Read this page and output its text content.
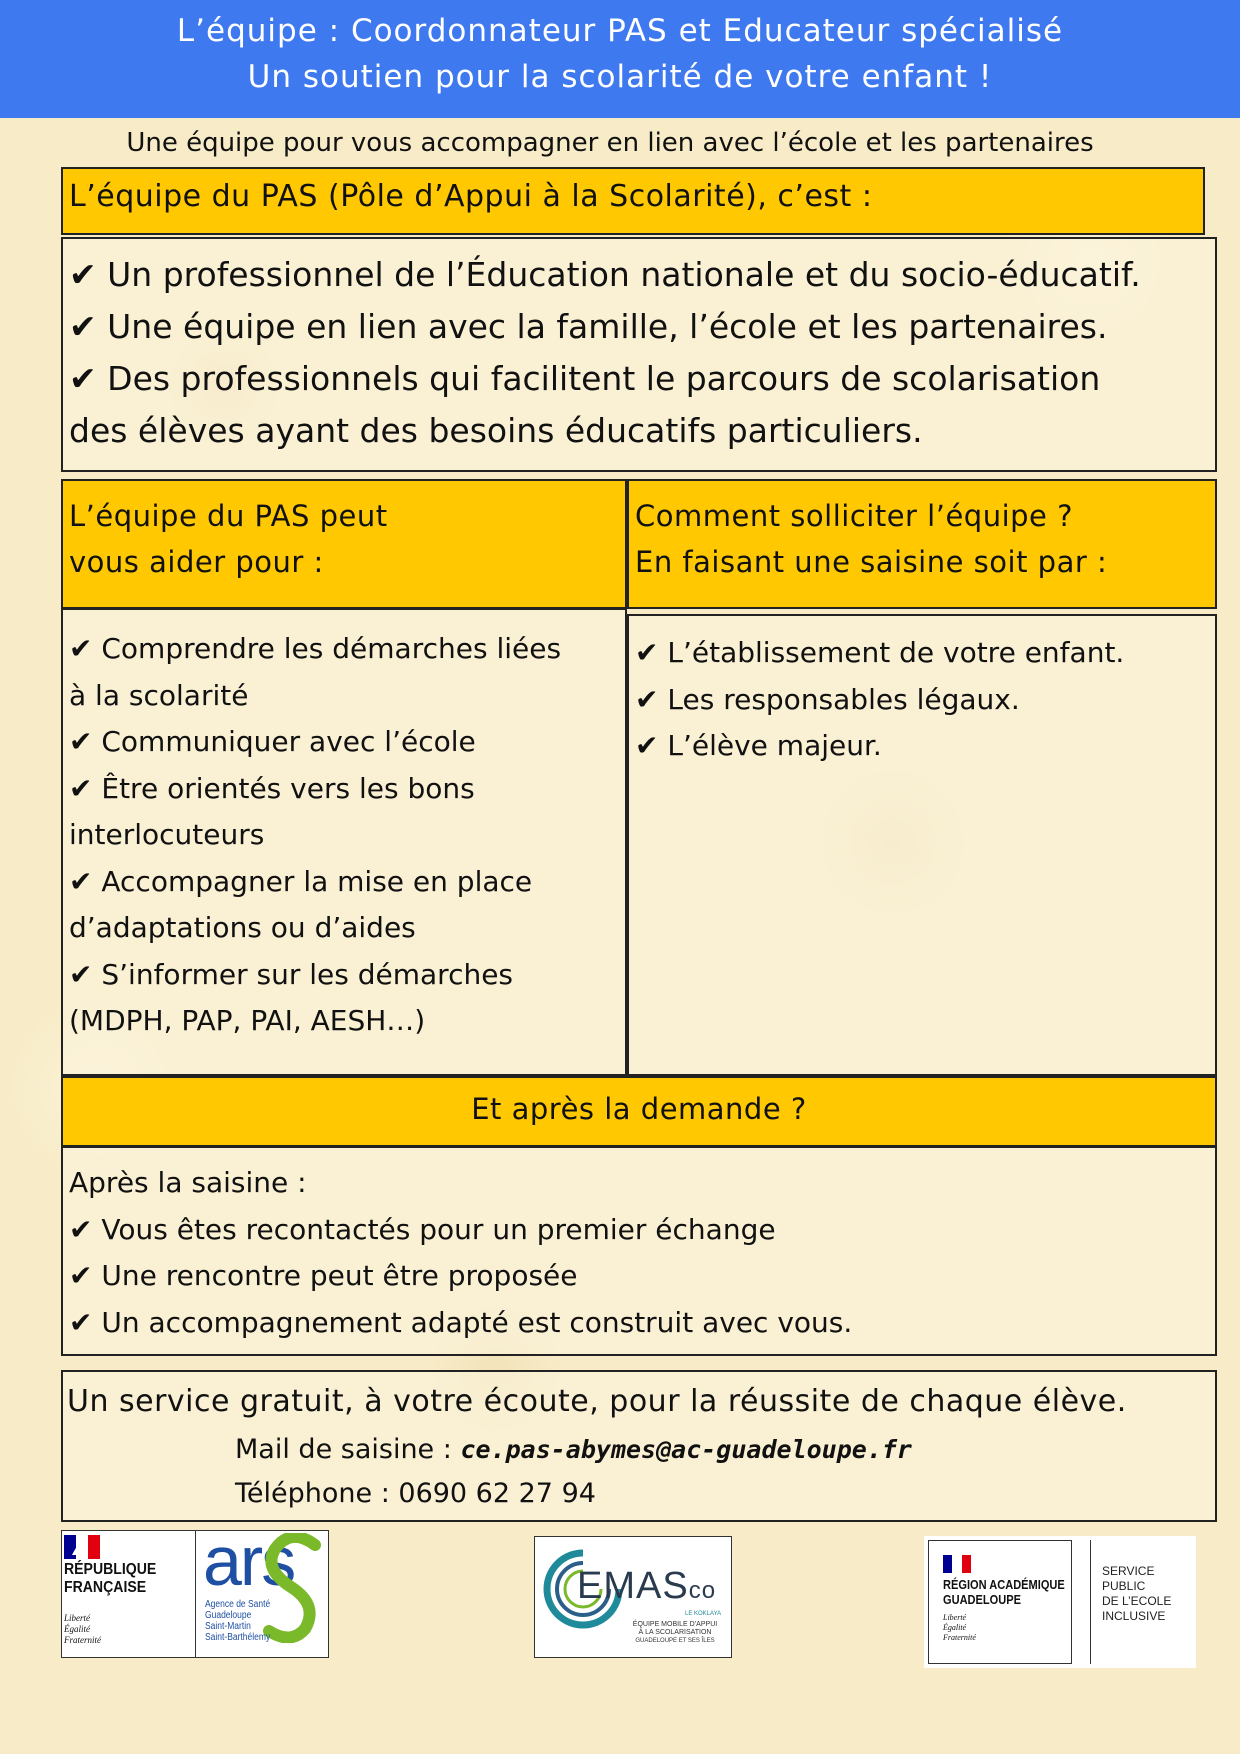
L’équipe : Coordonnateur PAS et Educateur spécialisé
Un soutien pour la scolarité de votre enfant !
Une équipe pour vous accompagner en lien avec l’école et les partenaires
L’équipe du PAS (Pôle d’Appui à la Scolarité), c’est :
✔ Un professionnel de l’Éducation nationale et du socio-éducatif.
✔ Une équipe en lien avec la famille, l’école et les partenaires.
✔ Des professionnels qui facilitent le parcours de scolarisation
des élèves ayant des besoins éducatifs particuliers.
L’équipe du PAS peut
vous aider pour :
✔ Comprendre les démarches liées
à la scolarité
✔ Communiquer avec l’école
✔ Être orientés vers les bons
interlocuteurs
✔ Accompagner la mise en place
d’adaptations ou d’aides
✔ S’informer sur les démarches
(MDPH, PAP, PAI, AESH…)
Comment solliciter l’équipe ?
En faisant une saisine soit par :
✔ L’établissement de votre enfant.
✔ Les responsables légaux.
✔ L’élève majeur.
Et après la demande ?
Après la saisine :
✔ Vous êtes recontactés pour un premier échange
✔ Une rencontre peut être proposée
✔ Un accompagnement adapté est construit avec vous.
Un service gratuit, à votre écoute, pour la réussite de chaque élève.
Mail de saisine : ce.pas-abymes@ac-guadeloupe.fr
Téléphone : 0690 62 27 94
RÉPUBLIQUE
FRANÇAISE
Liberté
Égalité
Fraternité
ars
Agence de Santé
Guadeloupe
Saint-Martin
Saint-Barthélemy
EMASco
LE KOKLAYA
ÉQUIPE MOBILE D’APPUI
À LA SCOLARISATION
GUADELOUPE ET SES ÎLES
RÉGION ACADÉMIQUE
GUADELOUPE
Liberté
Égalité
Fraternité
SERVICE PUBLIC
DE L’ECOLE
INCLUSIVE
